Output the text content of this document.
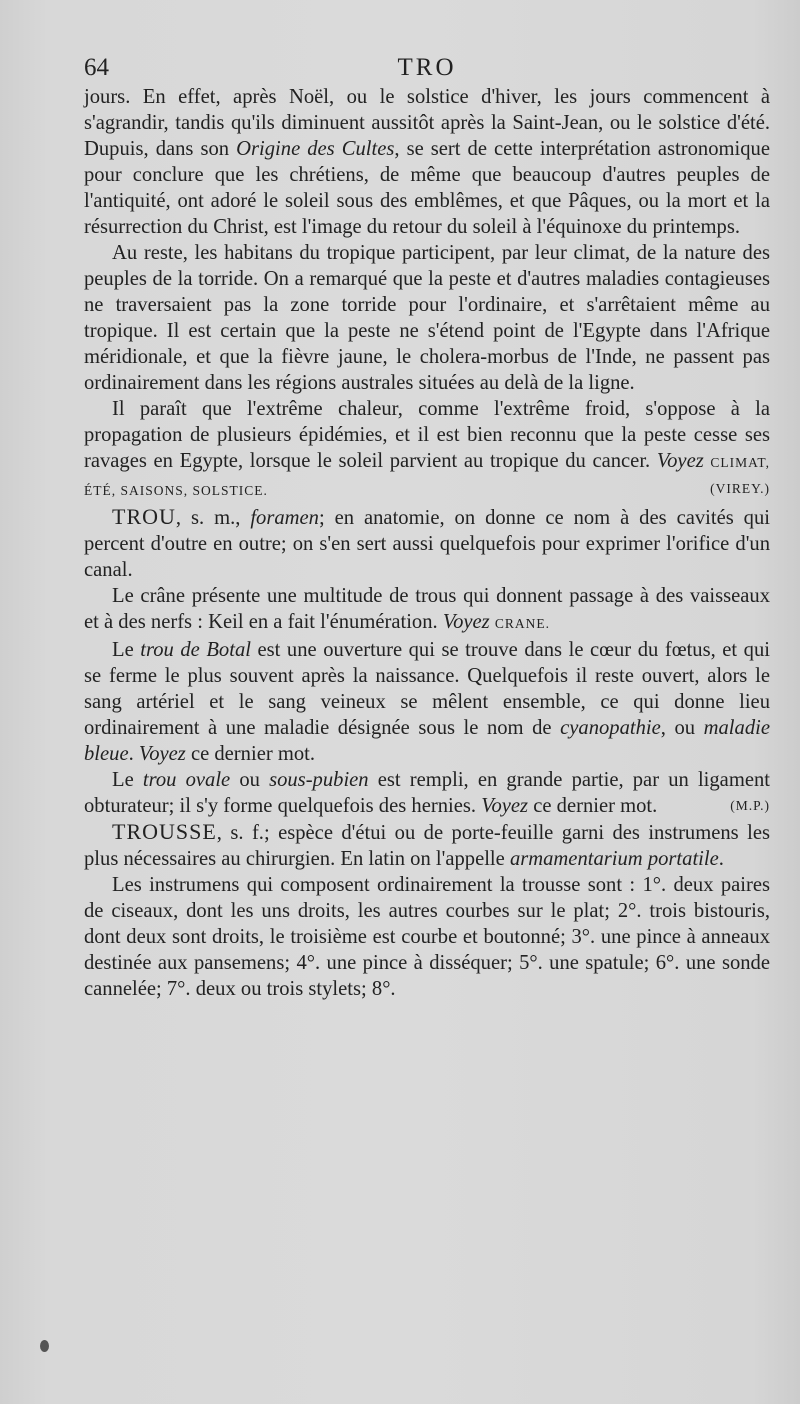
64	TRO

jours. En effet, après Noël, ou le solstice d'hiver, les jours commencent à s'agrandir, tandis qu'ils diminuent aussitôt après la Saint-Jean, ou le solstice d'été. Dupuis, dans son Origine des Cultes, se sert de cette interprétation astronomique pour conclure que les chrétiens, de même que beaucoup d'autres peuples de l'antiquité, ont adoré le soleil sous des emblêmes, et que Pâques, ou la mort et la résurrection du Christ, est l'image du retour du soleil à l'équinoxe du printemps.

Au reste, les habitans du tropique participent, par leur climat, de la nature des peuples de la torride. On a remarqué que la peste et d'autres maladies contagieuses ne traversaient pas la zone torride pour l'ordinaire, et s'arrêtaient même au tropique. Il est certain que la peste ne s'étend point de l'Egypte dans l'Afrique méridionale, et que la fièvre jaune, le cholera-morbus de l'Inde, ne passent pas ordinairement dans les régions australes situées au delà de la ligne.

Il paraît que l'extrême chaleur, comme l'extrême froid, s'oppose à la propagation de plusieurs épidémies, et il est bien reconnu que la peste cesse ses ravages en Egypte, lorsque le soleil parvient au tropique du cancer. Voyez CLIMAT, ÉTÉ, SAISONS, SOLSTICE.	(VIREY.)

TROU, s. m., foramen; en anatomie, on donne ce nom à des cavités qui percent d'outre en outre; on s'en sert aussi quelquefois pour exprimer l'orifice d'un canal.

Le crâne présente une multitude de trous qui donnent passage à des vaisseaux et à des nerfs : Keil en a fait l'énumération. Voyez CRANE.

Le trou de Botal est une ouverture qui se trouve dans le cœur du fœtus, et qui se ferme le plus souvent après la naissance. Quelquefois il reste ouvert, alors le sang artériel et le sang veineux se mêlent ensemble, ce qui donne lieu ordinairement à une maladie désignée sous le nom de cyanopathie, ou maladie bleue. Voyez ce dernier mot.

Le trou ovale ou sous-pubien est rempli, en grande partie, par un ligament obturateur; il s'y forme quelquefois des hernies. Voyez ce dernier mot.	(M.P.)

TROUSSE, s. f.; espèce d'étui ou de porte-feuille garni des instrumens les plus nécessaires au chirurgien. En latin on l'appelle armamentarium portatile.

Les instrumens qui composent ordinairement la trousse sont : 1°. deux paires de ciseaux, dont les uns droits, les autres courbes sur le plat; 2°. trois bistouris, dont deux sont droits, le troisième est courbe et boutonné; 3°. une pince à anneaux destinée aux pansemens; 4°. une pince à disséquer; 5°. une spatule; 6°. une sonde cannelée; 7°. deux ou trois stylets; 8°.
